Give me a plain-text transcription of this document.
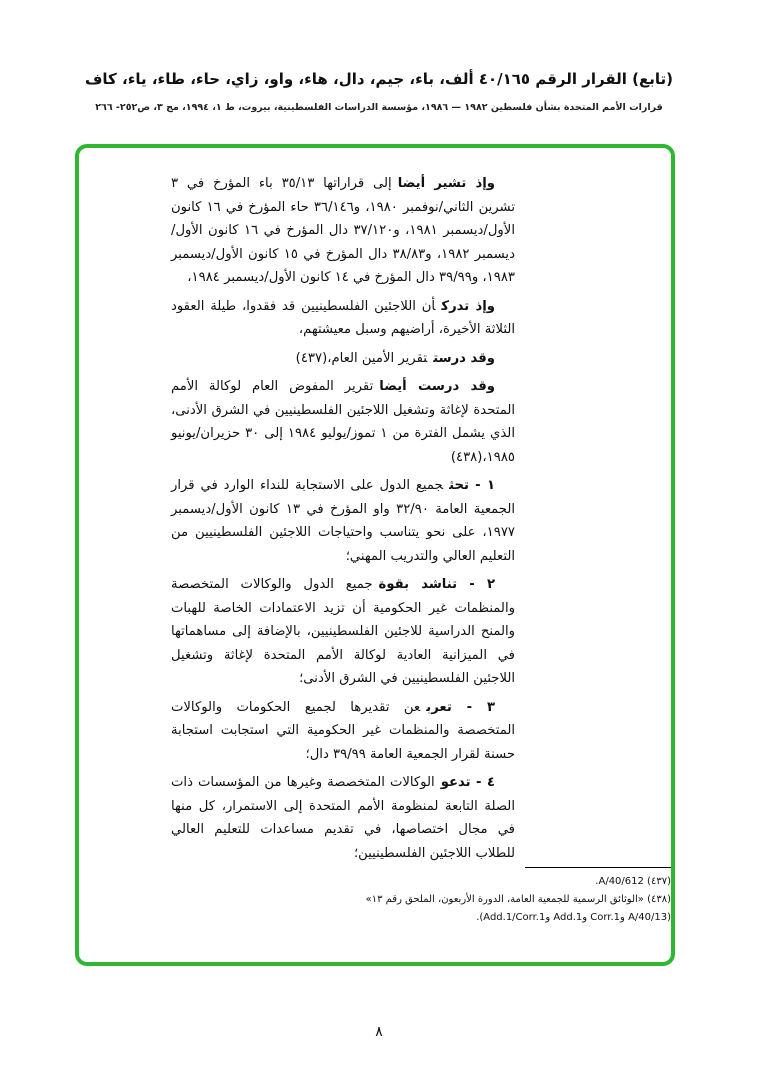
(تابع) القرار الرقم ٤٠/١٦٥ ألف، باء، جيم، دال، هاء، واو، زاي، حاء، طاء، ياء، كاف

قرارات الأمم المتحدة بشأن فلسطين ١٩٨٢ — ١٩٨٦، مؤسسة الدراسات الفلسطينية، بيروت، ط ١، ١٩٩٤، مج ٣، ص٢٥٢- ٢٦٦

وإذ تشير أيضاإلى قراراتها ٣٥/١٣ باء المؤرخ في ٣ تشرين الثاني/نوفمبر ١٩٨٠، و٣٦/١٤٦ حاء المؤرخ في ١٦ كانون الأول/ديسمبر ١٩٨١، و٣٧/١٢٠ دال المؤرخ في ١٦ كانون الأول/ديسمبر ١٩٨٢، و٣٨/٨٣ دال المؤرخ في ١٥ كانون الأول/ديسمبر ١٩٨٣، و٣٩/٩٩ دال المؤرخ في ١٤ كانون الأول/ديسمبر ١٩٨٤،

وإذ تدركأن اللاجئين الفلسطينيين قد فقدوا، طيلة العقود الثلاثة الأخيرة، أراضيهم وسبل معيشتهم،

وقد درستتقرير الأمين العام،(٤٣٧)

وقد درست أيضاتقرير المفوض العام لوكالة الأمم المتحدة لإغاثة وتشغيل اللاجئين الفلسطينيين في الشرق الأدنى، الذي يشمل الفترة من ١ تموز/يوليو ١٩٨٤ إلى ٣٠ حزيران/يونيو ١٩٨٥،(٤٣٨)

١ - تحثجميع الدول على الاستجابة للنداء الوارد في قرار الجمعية العامة ٣٢/٩٠ واو المؤرخ في ١٣ كانون الأول/ديسمبر ١٩٧٧، على نحو يتناسب واحتياجات اللاجئين الفلسطينيين من التعليم العالي والتدريب المهني؛

٢ - تناشد بقوةجميع الدول والوكالات المتخصصة والمنظمات غير الحكومية أن تزيد الاعتمادات الخاصة للهبات والمنح الدراسية للاجئين الفلسطينيين، بالإضافة إلى مساهماتها في الميزانية العادية لوكالة الأمم المتحدة لإغاثة وتشغيل اللاجئين الفلسطينيين في الشرق الأدنى؛

٣ - تعربعن تقديرها لجميع الحكومات والوكالات المتخصصة والمنظمات غير الحكومية التي استجابت استجابة حسنة لقرار الجمعية العامة ٣٩/٩٩ دال؛

٤ - تدعوالوكالات المتخصصة وغيرها من المؤسسات ذات الصلة التابعة لمنظومة الأمم المتحدة إلى الاستمرار، كل منها في مجال اختصاصها، في تقديم مساعدات للتعليم العالي للطلاب اللاجئين الفلسطينيين؛

(٤٣٧) A/40/612.

(٤٣٨) «الوثائق الرسمية للجمعية العامة، الدورة الأربعون، الملحق رقم ١٣»

(A/40/13 وCorr.1 وAdd.1 وAdd.1/Corr.1).

٨
